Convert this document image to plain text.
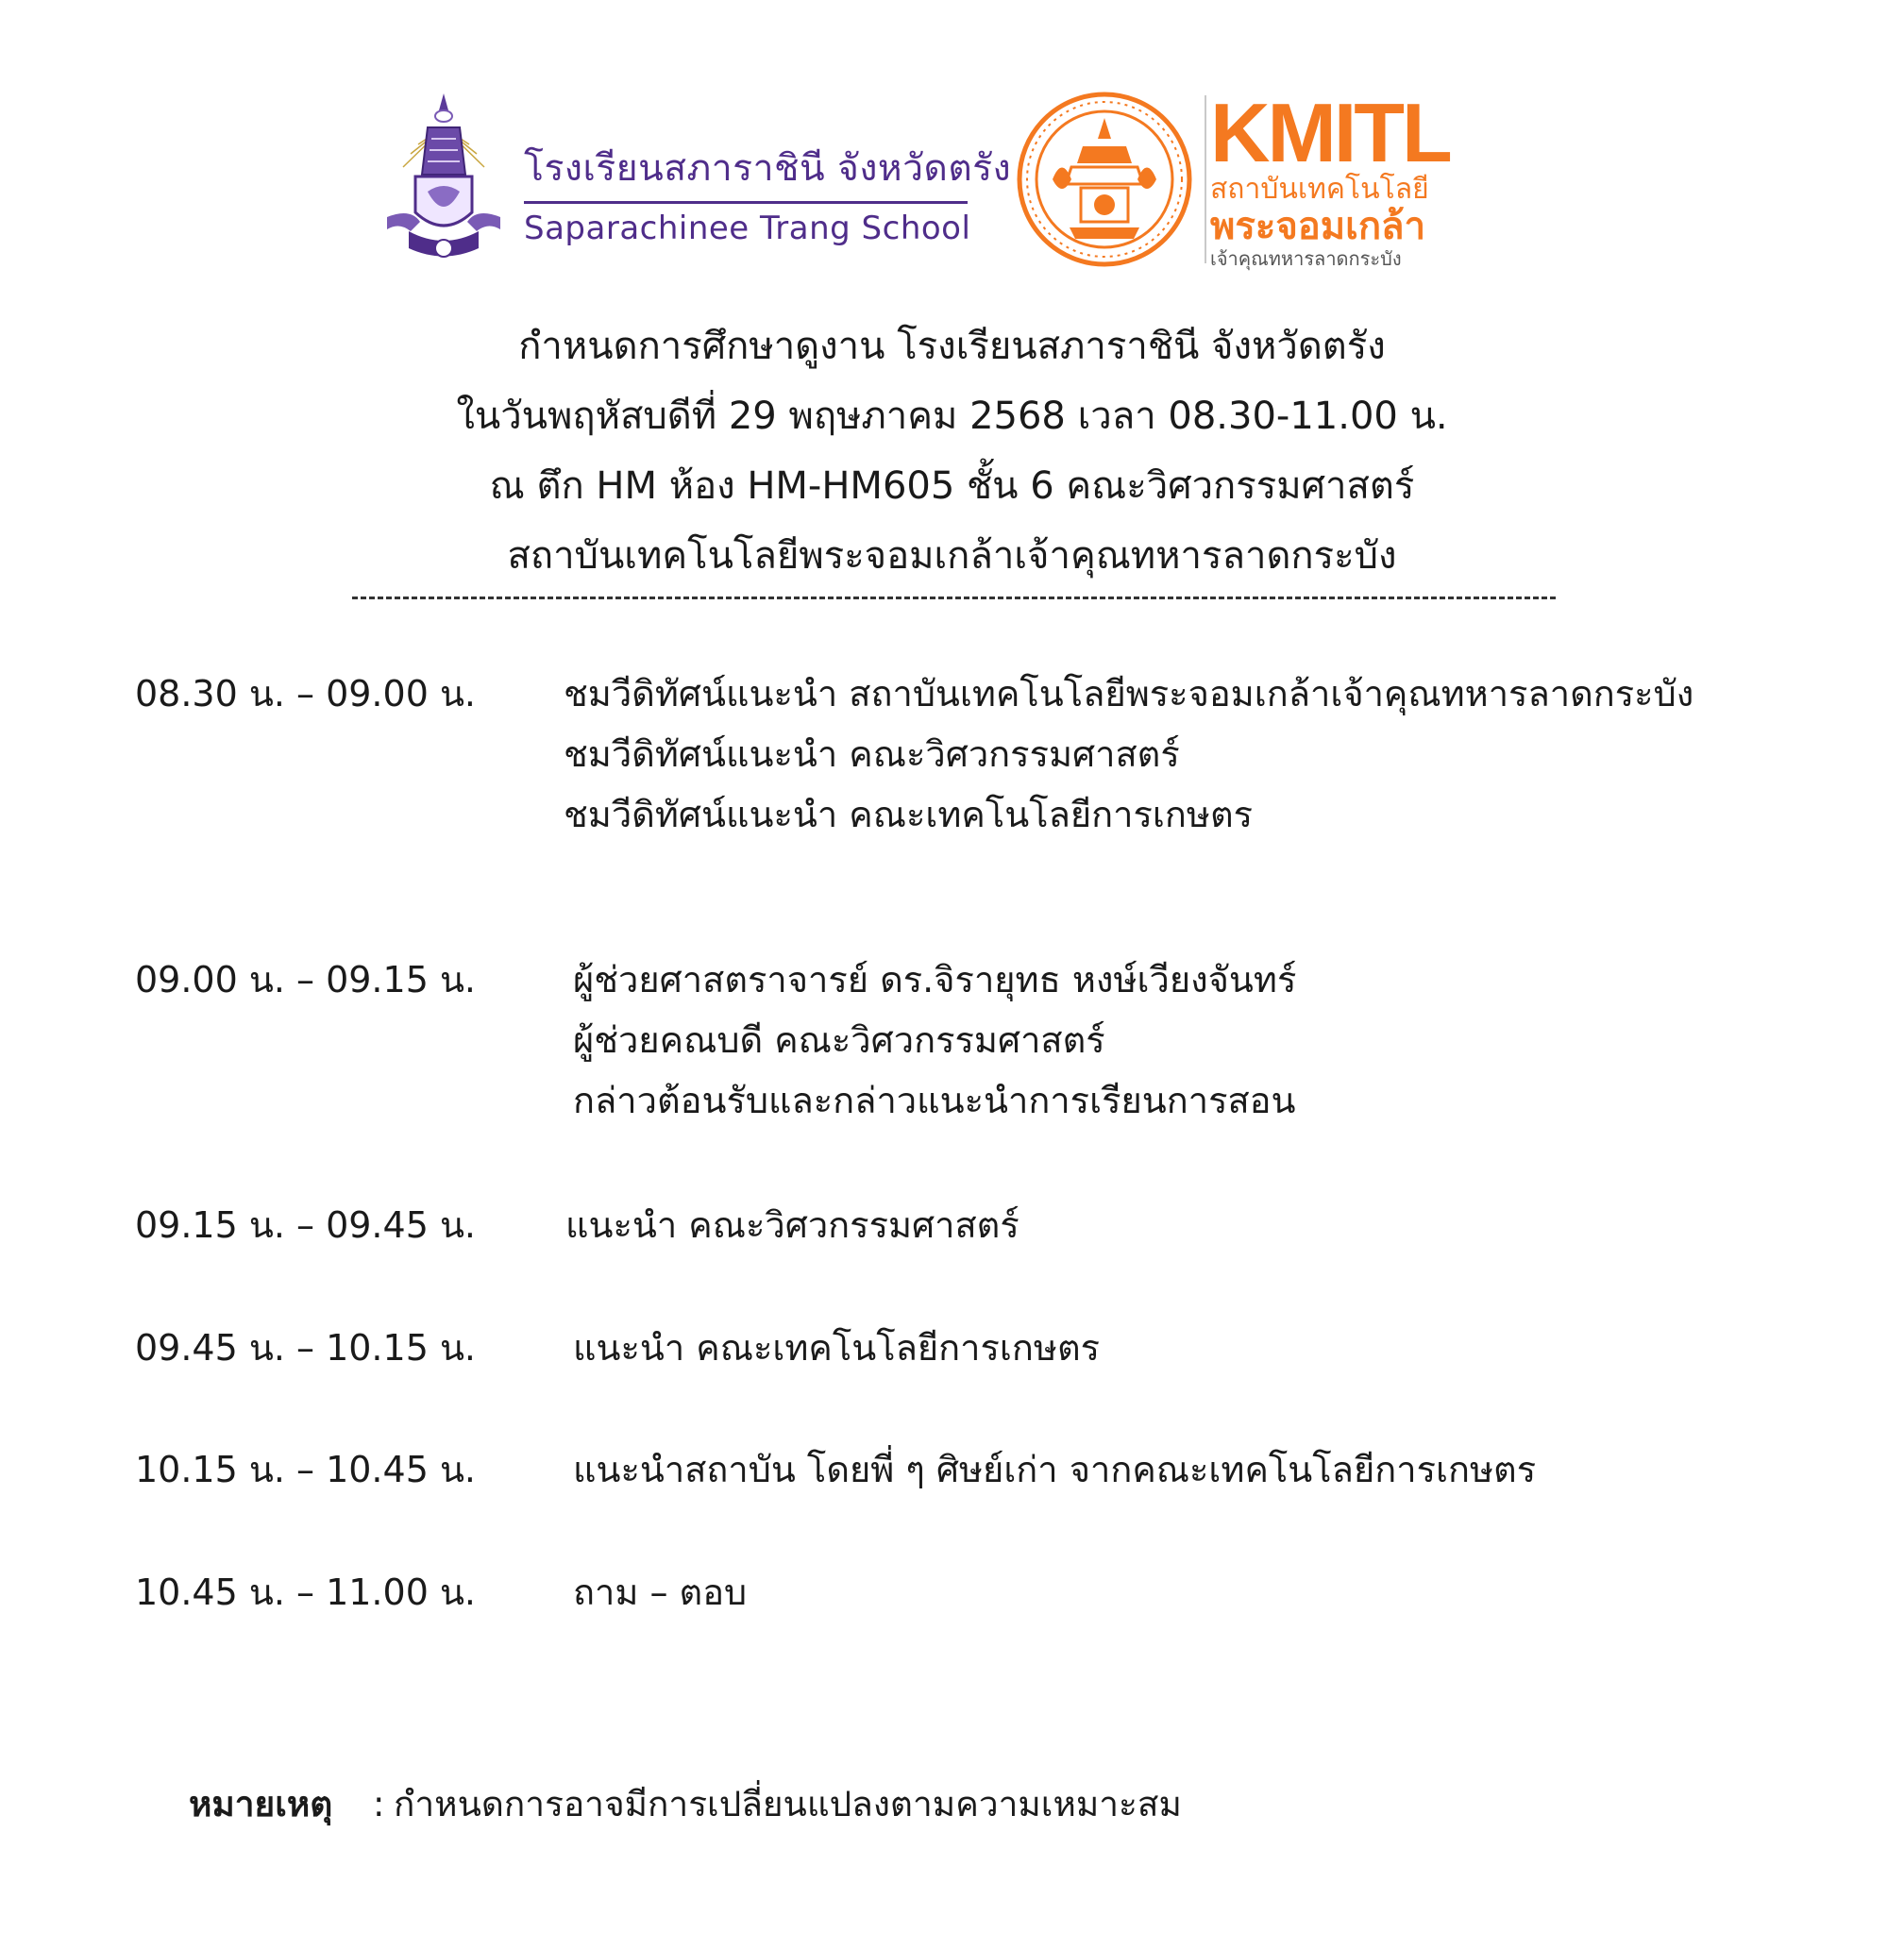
โรงเรียนสภาราชินี จังหวัดตรัง
Saparachinee Trang School
KMITL
สถาบันเทคโนโลยี
พระจอมเกล้า
เจ้าคุณทหารลาดกระบัง
กำหนดการศึกษาดูงาน โรงเรียนสภาราชินี จังหวัดตรัง
ในวันพฤหัสบดีที่ 29 พฤษภาคม 2568 เวลา 08.30-11.00 น.
ณ ตึก HM ห้อง HM-HM605 ชั้น 6 คณะวิศวกรรมศาสตร์
สถาบันเทคโนโลยีพระจอมเกล้าเจ้าคุณทหารลาดกระบัง
08.30 น. – 09.00 น. ชมวีดิทัศน์แนะนำ สถาบันเทคโนโลยีพระจอมเกล้าเจ้าคุณทหารลาดกระบัง
ชมวีดิทัศน์แนะนำ คณะวิศวกรรมศาสตร์
ชมวีดิทัศน์แนะนำ คณะเทคโนโลยีการเกษตร
09.00 น. – 09.15 น.	ผู้ช่วยศาสตราจารย์ ดร.จิรายุทธ หงษ์เวียงจันทร์
ผู้ช่วยคณบดี คณะวิศวกรรมศาสตร์
กล่าวต้อนรับและกล่าวแนะนำการเรียนการสอน
09.15 น. – 09.45 น.	แนะนำ คณะวิศวกรรมศาสตร์
09.45 น. – 10.15 น.	แนะนำ คณะเทคโนโลยีการเกษตร
10.15 น. – 10.45 น.	แนะนำสถาบัน โดยพี่ ๆ ศิษย์เก่า จากคณะเทคโนโลยีการเกษตร
10.45 น. – 11.00 น.	ถาม – ตอบ
หมายเหตุ : กำหนดการอาจมีการเปลี่ยนแปลงตามความเหมาะสม
